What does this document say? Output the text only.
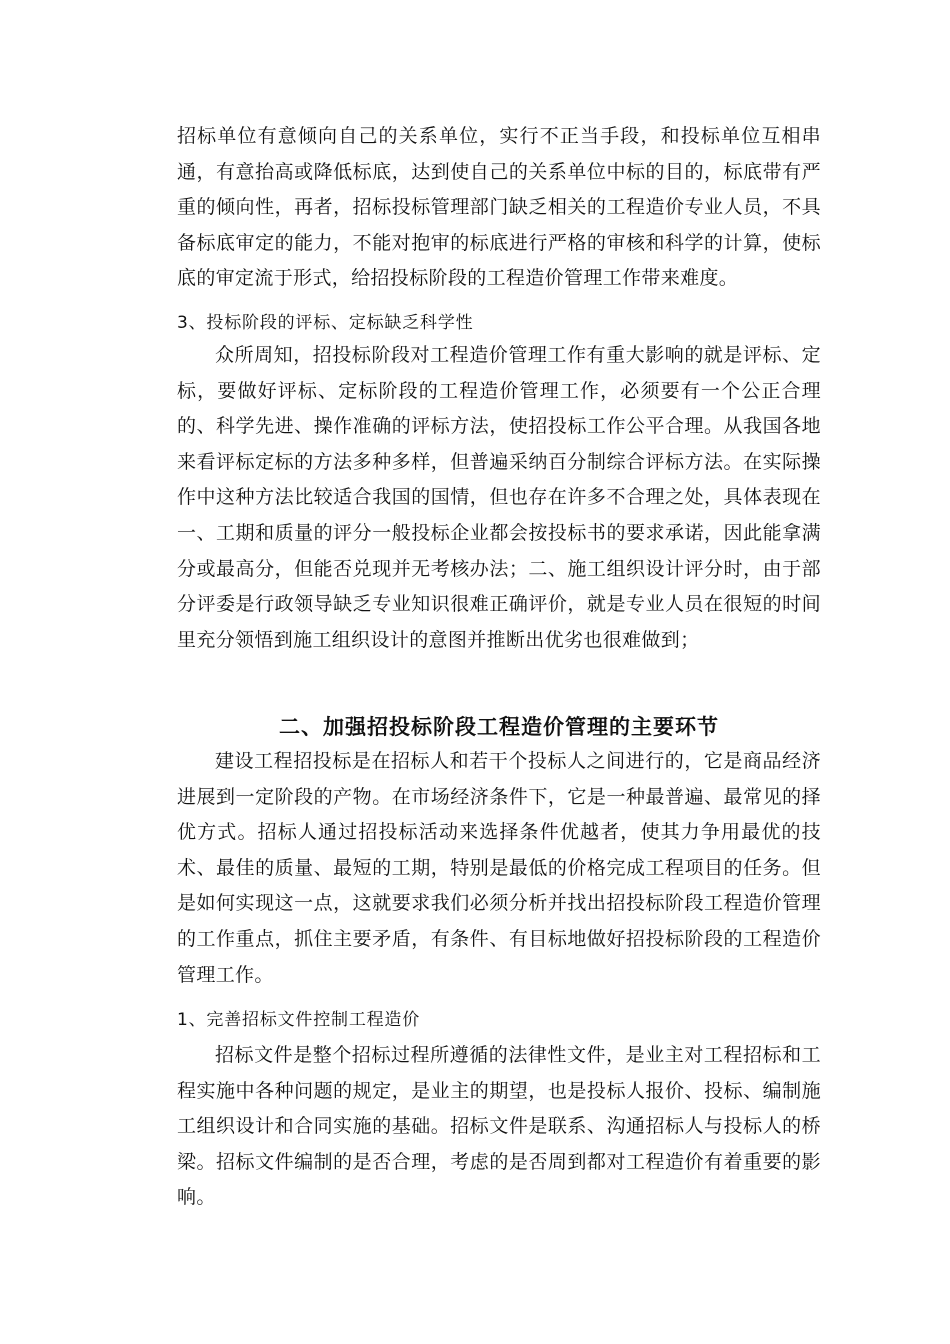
招标单位有意倾向自己的关系单位，实行不正当手段，和投标单位互相串通，有意抬高或降低标底，达到使自己的关系单位中标的目的，标底带有严重的倾向性，再者，招标投标管理部门缺乏相关的工程造价专业人员，不具备标底审定的能力，不能对抱审的标底进行严格的审核和科学的计算，使标底的审定流于形式，给招投标阶段的工程造价管理工作带来难度。
3、投标阶段的评标、定标缺乏科学性
众所周知，招投标阶段对工程造价管理工作有重大影响的就是评标、定标，要做好评标、定标阶段的工程造价管理工作，必须要有一个公正合理的、科学先进、操作准确的评标方法，使招投标工作公平合理。从我国各地来看评标定标的方法多种多样，但普遍采纳百分制综合评标方法。在实际操作中这种方法比较适合我国的国情，但也存在许多不合理之处，具体表现在一、工期和质量的评分一般投标企业都会按投标书的要求承诺，因此能拿满分或最高分，但能否兑现并无考核办法；二、施工组织设计评分时，由于部分评委是行政领导缺乏专业知识很难正确评价，就是专业人员在很短的时间里充分领悟到施工组织设计的意图并推断出优劣也很难做到；
二、加强招投标阶段工程造价管理的主要环节
建设工程招投标是在招标人和若干个投标人之间进行的，它是商品经济进展到一定阶段的产物。在市场经济条件下，它是一种最普遍、最常见的择优方式。招标人通过招投标活动来选择条件优越者，使其力争用最优的技术、最佳的质量、最短的工期，特别是最低的价格完成工程项目的任务。但是如何实现这一点，这就要求我们必须分析并找出招投标阶段工程造价管理的工作重点，抓住主要矛盾，有条件、有目标地做好招投标阶段的工程造价管理工作。
1、完善招标文件控制工程造价
招标文件是整个招标过程所遵循的法律性文件，是业主对工程招标和工程实施中各种问题的规定，是业主的期望，也是投标人报价、投标、编制施工组织设计和合同实施的基础。招标文件是联系、沟通招标人与投标人的桥梁。招标文件编制的是否合理，考虑的是否周到都对工程造价有着重要的影响。
